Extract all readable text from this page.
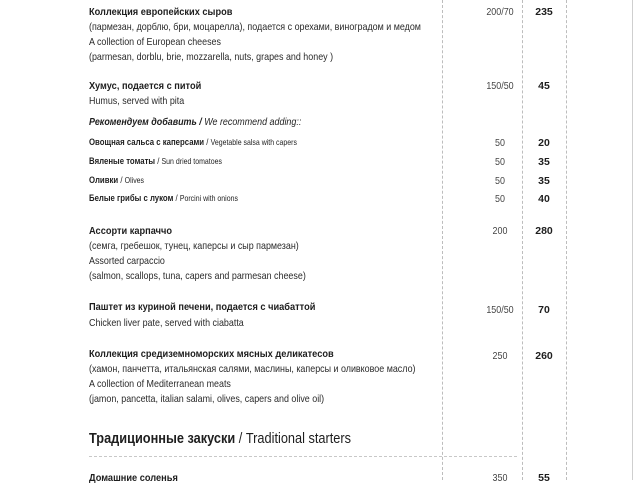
Коллекция европейских сыров	200/70	235
(пармезан, дорблю, бри, моцарелла), подается с орехами, виноградом и медом
A collection of European cheeses
(parmesan, dorblu, brie, mozzarella, nuts, grapes and honey )
Хумус, подается с питой	150/50	45
Humus, served with pita
Рекомендуем добавить / We recommend adding::
Овощная сальса с каперсами / Vegetable salsa with capers	50	20
Вяленые томаты / Sun dried tomatoes	50	35
Оливки / Olives	50	35
Белые грибы с луком / Porcini with onions	50	40
Ассорти карпаччо	200	280
(семга, гребешок, тунец, каперсы и сыр пармезан)
Assorted carpaccio
(salmon, scallops, tuna, capers and parmesan cheese)
Паштет из куриной печени, подается с чиабаттой	150/50	70
Chicken liver pate, served with ciabatta
Коллекция средиземноморских мясных деликатесов	250	260
(хамон, панчетта, итальянская салями, маслины, каперсы и оливковое масло)
A collection of Mediterranean meats
(jamon, pancetta, italian salami, olives, capers and olive oil)
Традиционные закуски / Traditional starters
Домашние соленья	350	55
